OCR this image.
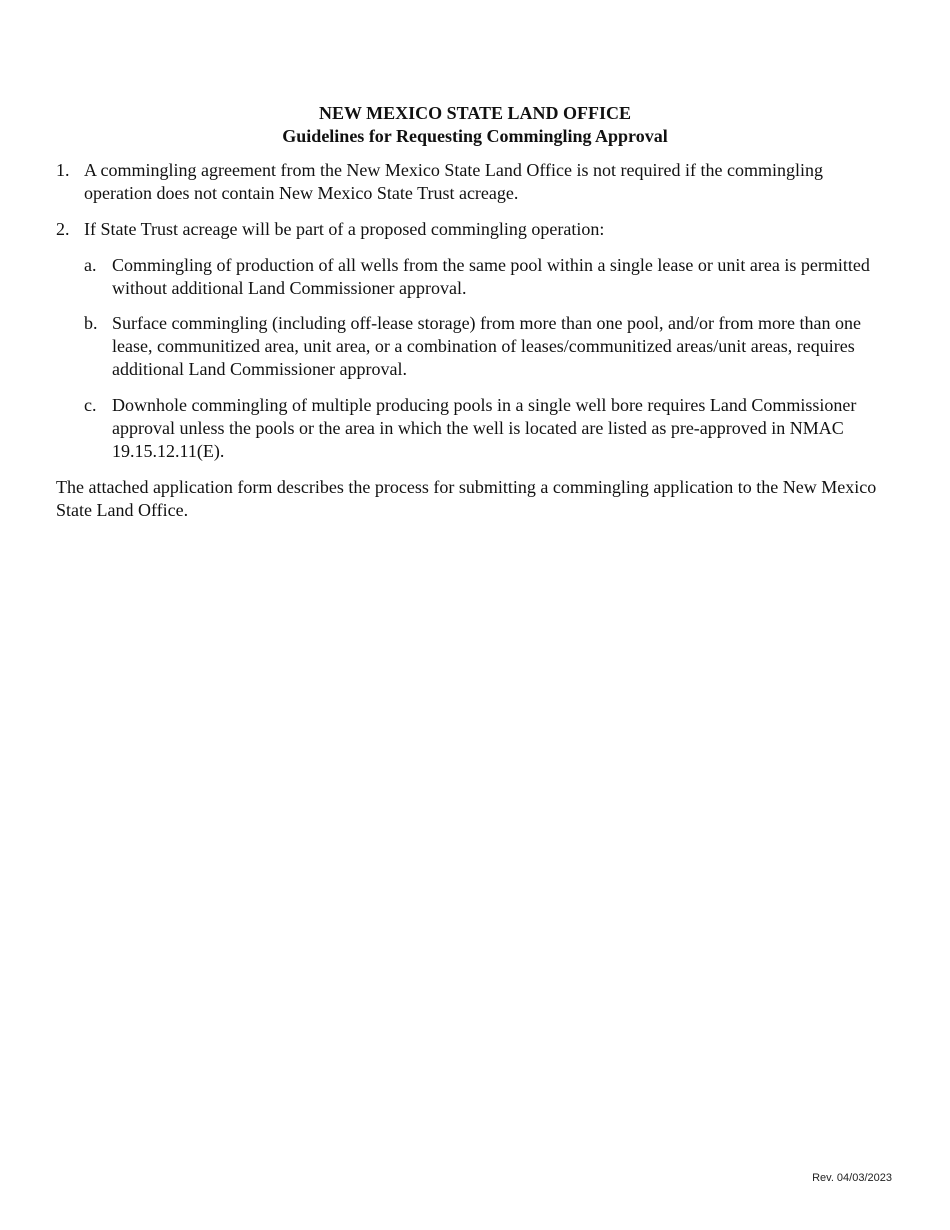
NEW MEXICO STATE LAND OFFICE
Guidelines for Requesting Commingling Approval
1. A commingling agreement from the New Mexico State Land Office is not required if the commingling operation does not contain New Mexico State Trust acreage.
2. If State Trust acreage will be part of a proposed commingling operation:
a. Commingling of production of all wells from the same pool within a single lease or unit area is permitted without additional Land Commissioner approval.
b. Surface commingling (including off-lease storage) from more than one pool, and/or from more than one lease, communitized area, unit area, or a combination of leases/communitized areas/unit areas, requires additional Land Commissioner approval.
c. Downhole commingling of multiple producing pools in a single well bore requires Land Commissioner approval unless the pools or the area in which the well is located are listed as pre-approved in NMAC 19.15.12.11(E).
The attached application form describes the process for submitting a commingling application to the New Mexico State Land Office.
Rev. 04/03/2023
